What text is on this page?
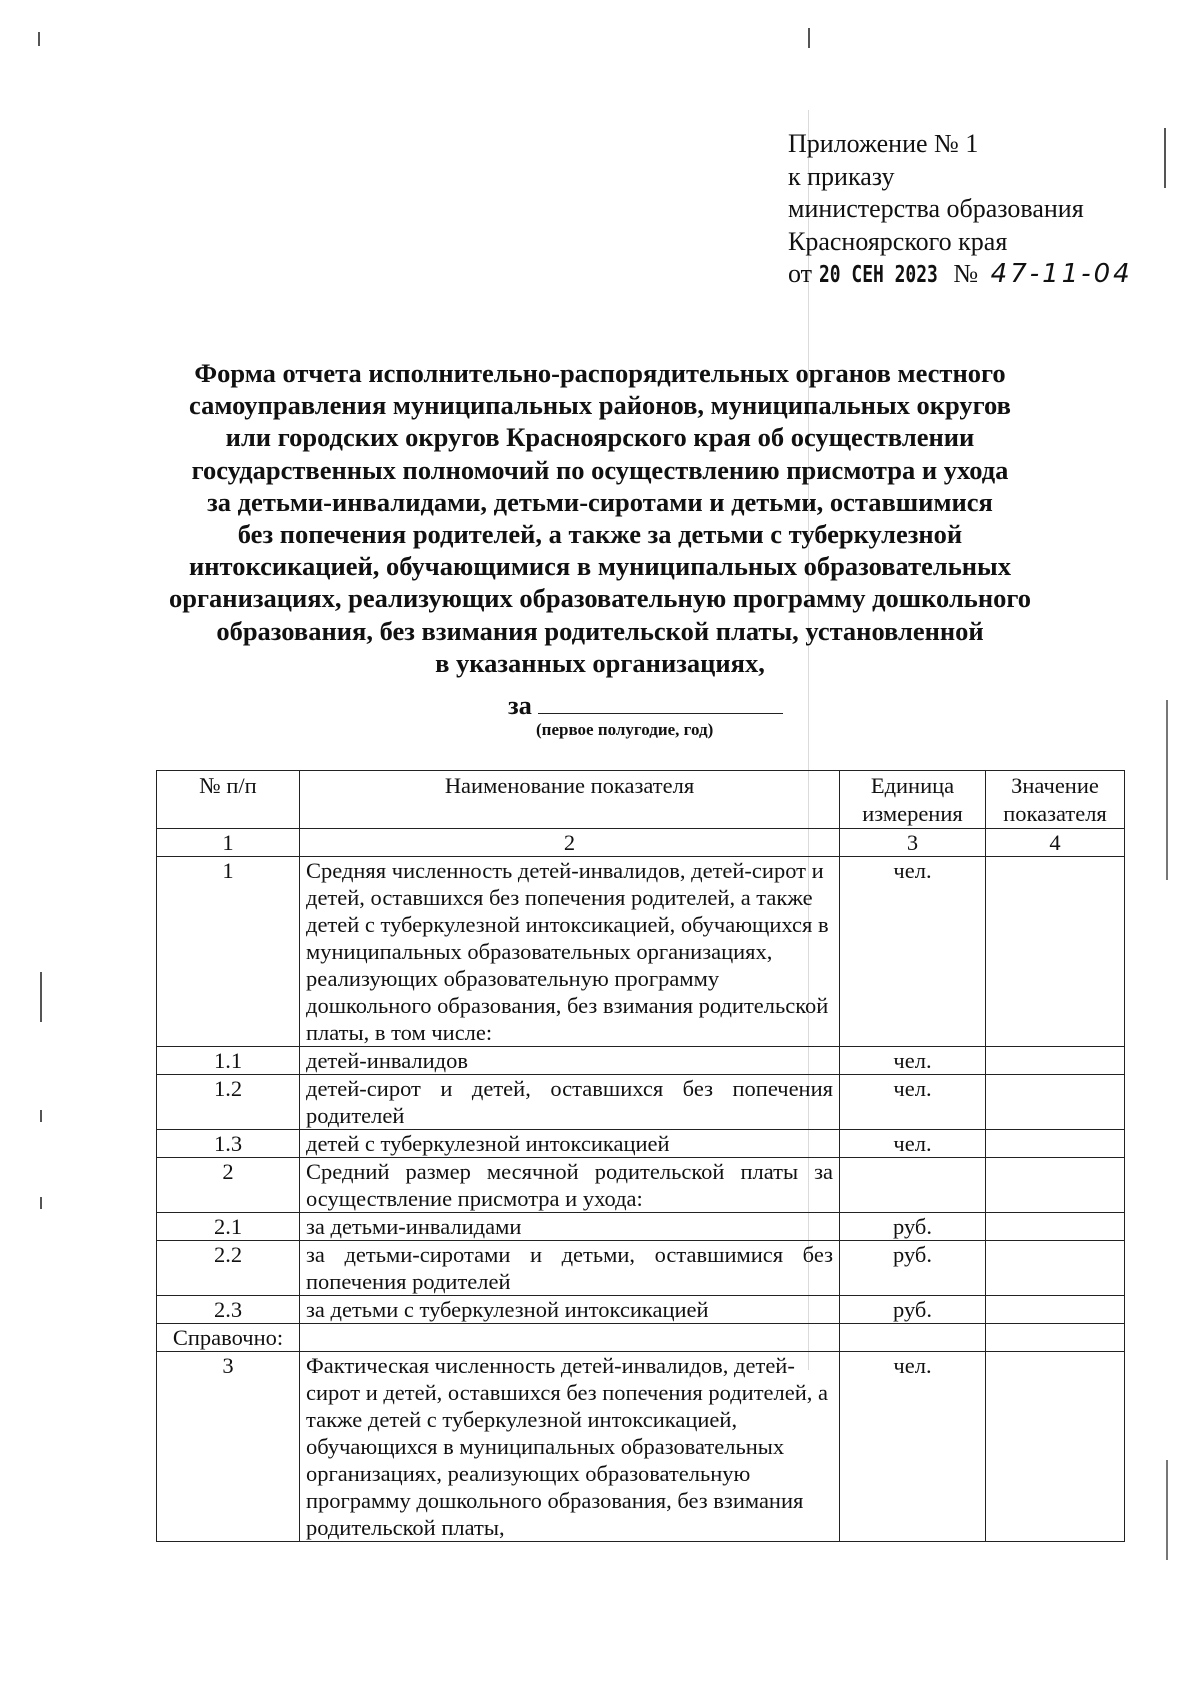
Приложение № 1
к приказу
министерства образования
Красноярского края
от 20 СЕН 2023 № 47-11-04
Форма отчета исполнительно-распорядительных органов местного
самоуправления муниципальных районов, муниципальных округов
или городских округов Красноярского края об осуществлении
государственных полномочий по осуществлению присмотра и ухода
за детьми-инвалидами, детьми-сиротами и детьми, оставшимися
без попечения родителей, а также за детьми с туберкулезной
интоксикацией, обучающимися в муниципальных образовательных
организациях, реализующих образовательную программу дошкольного
образования, без взимания родительской платы, установленной
в указанных организациях,
за
(первое полугодие, год)
№ п/п	Наименование показателя	Единица измерения	Значение показателя
1	2	3	4
1	Средняя численность детей-инвалидов, детей-сирот и детей, оставшихся без попечения родителей, а также детей с туберкулезной интоксикацией, обучающихся в муниципальных образовательных организациях, реализующих образовательную программу дошкольного образования, без взимания родительской платы, в том числе:	чел.	
1.1	детей-инвалидов	чел.	
1.2	детей-сирот и детей, оставшихся без попечения родителей	чел.	
1.3	детей с туберкулезной интоксикацией	чел.	
2	Средний размер месячной родительской платы за осуществление присмотра и ухода:		
2.1	за детьми-инвалидами	руб.	
2.2	за детьми-сиротами и детьми, оставшимися без попечения родителей	руб.	
2.3	за детьми с туберкулезной интоксикацией	руб.	
Справочно:			
3	Фактическая численность детей-инвалидов, детей-сирот и детей, оставшихся без попечения родителей, а также детей с туберкулезной интоксикацией, обучающихся в муниципальных образовательных организациях, реализующих образовательную программу дошкольного образования, без взимания родительской платы,	чел.	
